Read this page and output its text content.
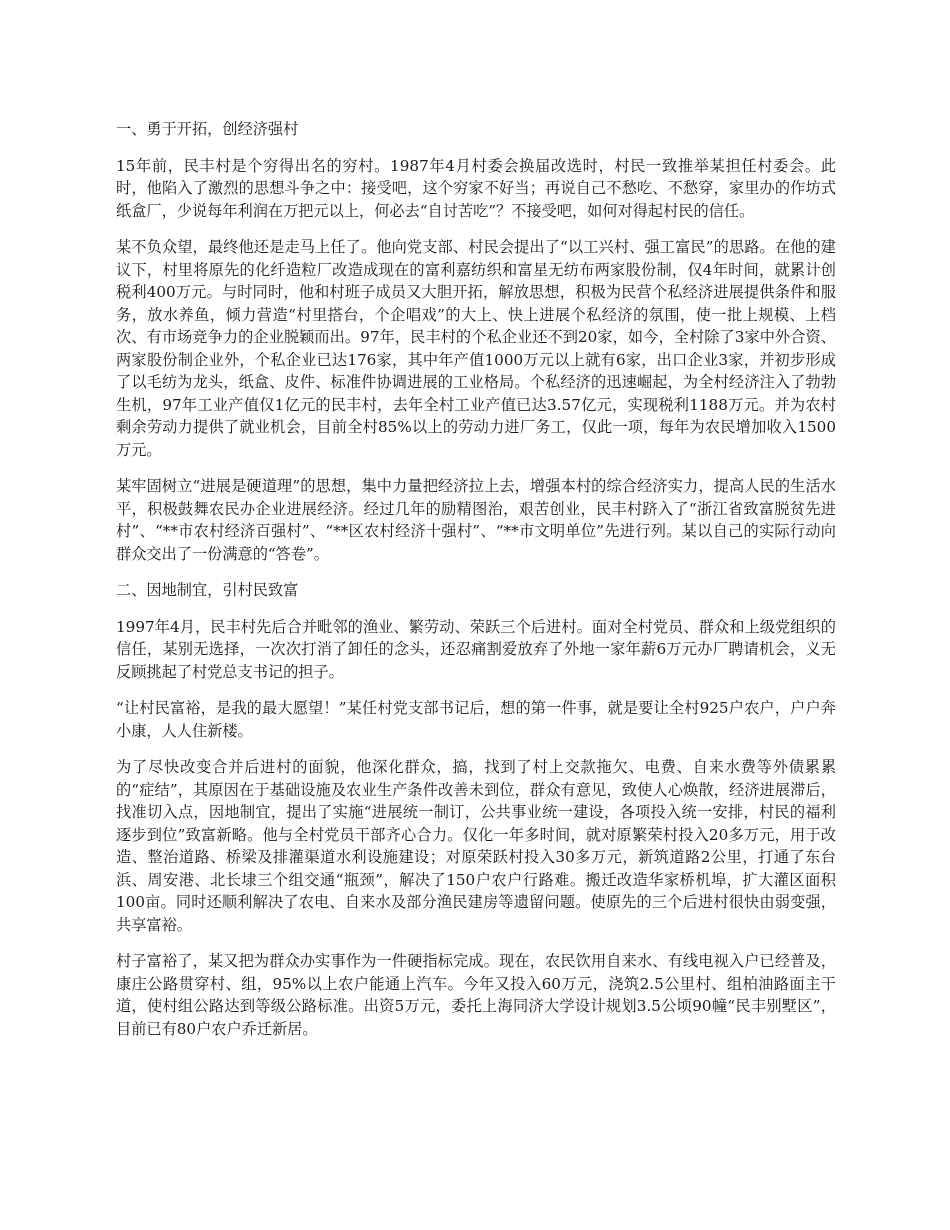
一、勇于开拓，创经济强村

15年前，民丰村是个穷得出名的穷村。1987年4月村委会换届改选时，村民一致推举某担任村委会。此时，他陷入了激烈的思想斗争之中：接受吧，这个穷家不好当；再说自己不愁吃、不愁穿，家里办的作坊式纸盒厂，少说每年利润在万把元以上，何必去“自讨苦吃”？不接受吧，如何对得起村民的信任。

某不负众望，最终他还是走马上任了。他向党支部、村民会提出了“以工兴村、强工富民”的思路。在他的建议下，村里将原先的化纤造粒厂改造成现在的富利嘉纺织和富星无纺布两家股份制，仅4年时间，就累计创税利400万元。与时同时，他和村班子成员又大胆开拓，解放思想，积极为民营个私经济进展提供条件和服务，放水养鱼，倾力营造“村里搭台，个企唱戏”的大上、快上进展个私经济的氛围，使一批上规模、上档次、有市场竞争力的企业脱颖而出。97年，民丰村的个私企业还不到20家，如今，全村除了3家中外合资、两家股份制企业外，个私企业已达176家，其中年产值1000万元以上就有6家，出口企业3家，并初步形成了以毛纺为龙头，纸盒、皮件、标准件协调进展的工业格局。个私经济的迅速崛起，为全村经济注入了勃勃生机，97年工业产值仅1亿元的民丰村，去年全村工业产值已达3.57亿元，实现税利1188万元。并为农村剩余劳动力提供了就业机会，目前全村85%以上的劳动力进厂务工，仅此一项，每年为农民增加收入1500万元。

某牢固树立“进展是硬道理”的思想，集中力量把经济拉上去，增强本村的综合经济实力，提高人民的生活水平，积极鼓舞农民办企业进展经济。经过几年的励精图治，艰苦创业，民丰村跻入了“浙江省致富脱贫先进村”、“**市农村经济百强村”、“**区农村经济十强村”、“**市文明单位”先进行列。某以自己的实际行动向群众交出了一份满意的“答卷”。

二、因地制宜，引村民致富

1997年4月，民丰村先后合并毗邻的渔业、繁劳动、荣跃三个后进村。面对全村党员、群众和上级党组织的信任，某别无选择，一次次打消了卸任的念头，还忍痛割爱放弃了外地一家年薪6万元办厂聘请机会，义无反顾挑起了村党总支书记的担子。

“让村民富裕，是我的最大愿望！”某任村党支部书记后，想的第一件事，就是要让全村925户农户，户户奔小康，人人住新楼。

为了尽快改变合并后进村的面貌，他深化群众，搞，找到了村上交款拖欠、电费、自来水费等外债累累的“症结”，其原因在于基础设施及农业生产条件改善未到位，群众有意见，致使人心焕散，经济进展滞后，找准切入点，因地制宜，提出了实施“进展统一制订，公共事业统一建设，各项投入统一安排，村民的福利逐步到位”致富新略。他与全村党员干部齐心合力。仅化一年多时间，就对原繁荣村投入20多万元，用于改造、整治道路、桥梁及排灌渠道水利设施建设；对原荣跃村投入30多万元，新筑道路2公里，打通了东台浜、周安港、北长埭三个组交通“瓶颈”，解决了150户农户行路难。搬迁改造华家桥机埠，扩大灌区面积100亩。同时还顺利解决了农电、自来水及部分渔民建房等遗留问题。使原先的三个后进村很快由弱变强，共享富裕。

村子富裕了，某又把为群众办实事作为一件硬指标完成。现在，农民饮用自来水、有线电视入户已经普及，康庄公路贯穿村、组，95%以上农户能通上汽车。今年又投入60万元，浇筑2.5公里村、组柏油路面主干道，使村组公路达到等级公路标准。出资5万元，委托上海同济大学设计规划3.5公顷90幢“民丰别墅区”，目前已有80户农户乔迁新居。
